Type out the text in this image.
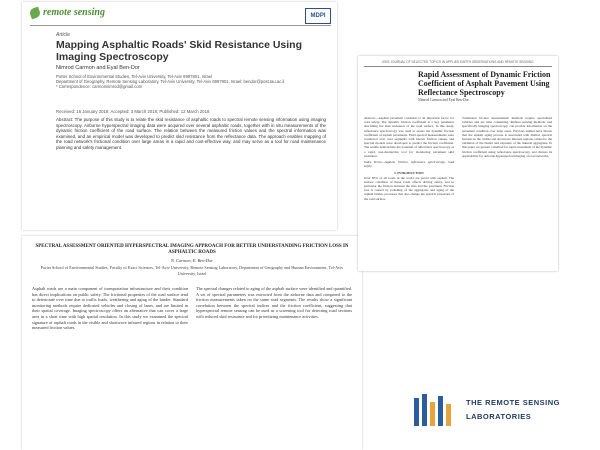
remote sensing	MDPI
Article
Mapping Asphaltic Roads' Skid Resistance Using Imaging Spectroscopy
Nimrod Carmon and Eyal Ben-Dor
Porter School of Environmental Studies, Tel-Aviv University, Tel-Aviv 6997801, Israel
Department of Geography, Remote Sensing Laboratory, Tel-Aviv University, Tel-Aviv 6997801, Israel; bendor@post.tau.ac.il
* Correspondence: carmonnimrod@gmail.com
Received: 16 January 2018; Accepted: 3 March 2018; Published: 12 March 2018
Abstract: The purpose of this study is to relate the skid resistance of asphaltic roads to spectral remote sensing information using imaging spectroscopy. Airborne hyperspectral imaging data were acquired over several asphaltic roads, together with in situ measurements of the dynamic friction coefficient of the road surface. The relation between the measured friction values and the spectral information was examined, and an empirical model was developed to predict skid resistance from the reflectance data. The approach enables mapping of the road network's frictional condition over large areas in a rapid and cost-effective way, and may serve as a tool for road maintenance planning and safety management.
SPECTRAL ASSESSMENT ORIENTED HYPERSPECTRAL IMAGING APPROACH FOR BETTER UNDERSTANDING FRICTION LOSS IN ASPHALTIC ROADS
N. Carmon, E. Ben-Dor
Porter School of Environmental Studies, Faculty of Exact Sciences, Tel-Aviv University. Remote Sensing Laboratory, Department of Geography and Human Environment, Tel-Aviv University, Israel
Asphalt roads are a main component of transportation infrastructure and their condition has direct implications on public safety. The frictional properties of the road surface tend to deteriorate over time due to traffic loads, weathering and aging of the binder. Standard monitoring methods require dedicated vehicles and closing of lanes, and are limited in their spatial coverage. Imaging spectroscopy offers an alternative that can cover a large area in a short time with high spatial resolution. In this study we examined the spectral signature of asphalt roads in the visible and shortwave infrared regions in relation to their measured friction values.
The spectral changes related to aging of the asphalt surface were identified and quantified. A set of spectral parameters was extracted from the airborne data and compared to the friction measurements taken on the same road segments. The results show a significant correlation between the spectral indices and the friction coefficient, suggesting that hyperspectral remote sensing can be used as a screening tool for detecting road sections with reduced skid resistance and for prioritizing maintenance activities.
IEEE JOURNAL OF SELECTED TOPICS IN APPLIED EARTH OBSERVATIONS AND REMOTE SENSING
Rapid Assessment of Dynamic Friction Coefficient of Asphalt Pavement Using Reflectance Spectroscopy
Nimrod Carmon and Eyal Ben-Dor
Abstract—Asphalt pavement condition is an important factor for road safety. The dynamic friction coefficient is a key parameter describing the skid resistance of the road surface. In this study, reflectance spectroscopy was used to assess the dynamic friction coefficient of asphalt pavements. Field spectral measurements were conducted over road segments with known friction values, and spectral models were developed to predict the friction coefficient. The results demonstrate the potential of reflectance spectroscopy as a rapid, non-destructive tool for monitoring pavement skid resistance.
Index Terms—Asphalt, friction, reflectance spectroscopy, road safety.
I. INTRODUCTION
Over 85% of all roads in the world are paved with asphalt. The surface condition of these roads affects driving safety, and in particular the friction between the tires and the pavement. Friction loss is caused by polishing of the aggregates and aging of the asphalt binder, processes that also change the spectral properties of the road surface.
Traditional friction measurement methods require specialized vehicles and are time consuming. Remote sensing methods, and specifically imaging spectroscopy, can provide information on the pavement condition over large areas. Previous studies have shown that the asphalt aging process is associated with distinct spectral features in the visible and shortwave infrared regions, related to the oxidation of the binder and exposure of the mineral aggregates. In this paper we present a method for rapid assessment of the dynamic friction coefficient using reflectance spectroscopy, and discuss its applicability for airborne hyperspectral imaging of road networks.
THE REMOTE SENSING
LABORATORIES
